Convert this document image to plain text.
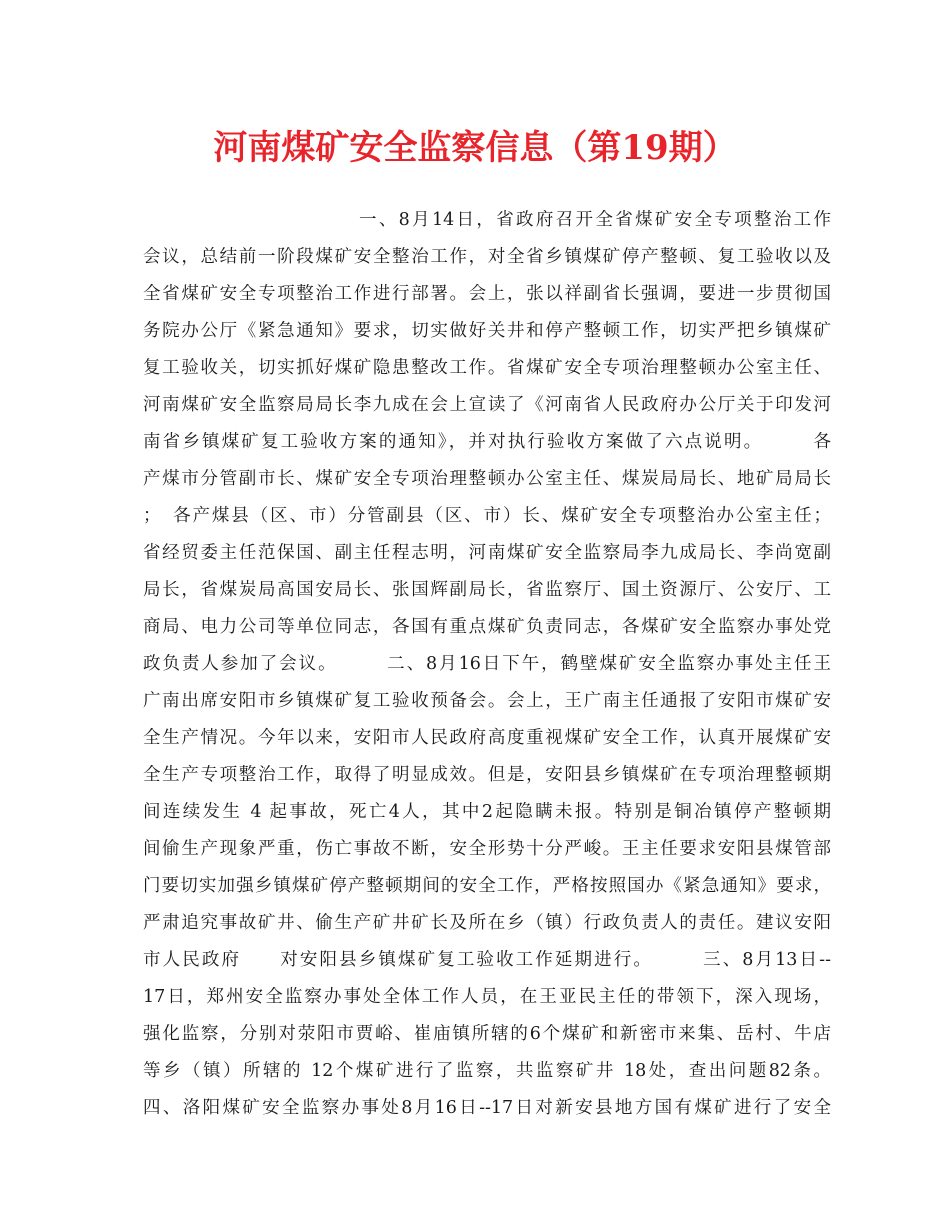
河南煤矿安全监察信息（第19期）
一、8月14日，省政府召开全省煤矿安全专项整治工作
会议，总结前一阶段煤矿安全整治工作，对全省乡镇煤矿停产整顿、复工验收以及
全省煤矿安全专项整治工作进行部署。会上，张以祥副省长强调，要进一步贯彻国
务院办公厅《紧急通知》要求，切实做好关井和停产整顿工作，切实严把乡镇煤矿
复工验收关，切实抓好煤矿隐患整改工作。省煤矿安全专项治理整顿办公室主任、
河南煤矿安全监察局局长李九成在会上宣读了《河南省人民政府办公厅关于印发河
南省乡镇煤矿复工验收方案的通知》，并对执行验收方案做了六点说明。　　　各
产煤市分管副市长、煤矿安全专项治理整顿办公室主任、煤炭局局长、地矿局局长
；　各产煤县（区、市）分管副县（区、市）长、煤矿安全专项整治办公室主任；
省经贸委主任范保国、副主任程志明，河南煤矿安全监察局李九成局长、李尚宽副
局长，省煤炭局高国安局长、张国辉副局长，省监察厅、国土资源厅、公安厅、工
商局、电力公司等单位同志，各国有重点煤矿负责同志，各煤矿安全监察办事处党
政负责人参加了会议。　　　二、8月16日下午，鹤壁煤矿安全监察办事处主任王
广南出席安阳市乡镇煤矿复工验收预备会。会上，王广南主任通报了安阳市煤矿安
全生产情况。今年以来，安阳市人民政府高度重视煤矿安全工作，认真开展煤矿安
全生产专项整治工作，取得了明显成效。但是，安阳县乡镇煤矿在专项治理整顿期
间连续发生 4 起事故，死亡4人，其中2起隐瞒未报。特别是铜冶镇停产整顿期
间偷生产现象严重，伤亡事故不断，安全形势十分严峻。王主任要求安阳县煤管部
门要切实加强乡镇煤矿停产整顿期间的安全工作，严格按照国办《紧急通知》要求，
严肃追究事故矿井、偷生产矿井矿长及所在乡（镇）行政负责人的责任。建议安阳
市人民政府　　对安阳县乡镇煤矿复工验收工作延期进行。　　　三、8月13日--
17日，郑州安全监察办事处全体工作人员，在王亚民主任的带领下，深入现场，
强化监察，分别对荥阳市贾峪、崔庙镇所辖的6个煤矿和新密市来集、岳村、牛店
等乡（镇）所辖的 12个煤矿进行了监察，共监察矿井 18处，查出问题82条。
四、洛阳煤矿安全监察办事处8月16日--17日对新安县地方国有煤矿进行了安全
